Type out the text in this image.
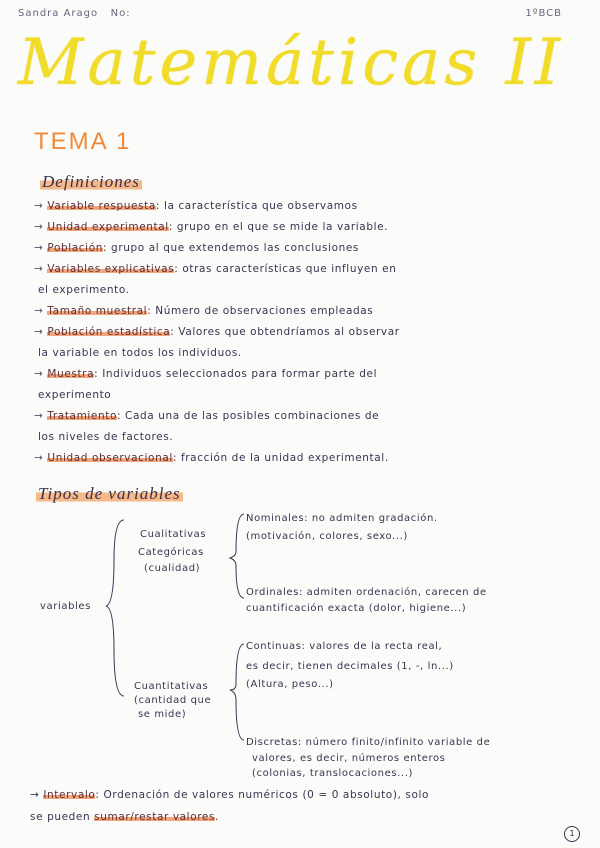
Sandra Arago No:	1ºBCB
Matemáticas II
TEMA 1
Definiciones
→ Variable respuesta: la característica que observamos
→ Unidad experimental: grupo en el que se mide la variable.
→ Población: grupo al que extendemos las conclusiones
→ Variables explicativas: otras características que influyen en
el experimento.
→ Tamaño muestral: Número de observaciones empleadas
→ Población estadística: Valores que obtendríamos al observar
la variable en todos los individuos.
→ Muestra: Individuos seleccionados para formar parte del
experimento
→ Tratamiento: Cada una de las posibles combinaciones de
los niveles de factores.
→ Unidad observacional: fracción de la unidad experimental.
Tipos de variables
variables
Cualitativas
Categóricas
(cualidad)
Nominales: no admiten gradación.
(motivación, colores, sexo...)
Ordinales: admiten ordenación, carecen de
cuantificación exacta (dolor, higiene...)
Cuantitativas
(cantidad que
se mide)
Continuas: valores de la recta real,
es decir, tienen decimales (1, -, ln...)
(Altura, peso...)
Discretas: número finito/infinito variable de
valores, es decir, números enteros
(colonias, translocaciones...)
→ Intervalo: Ordenación de valores numéricos (0 = 0 absoluto), solo
se pueden sumar/restar valores.
1
